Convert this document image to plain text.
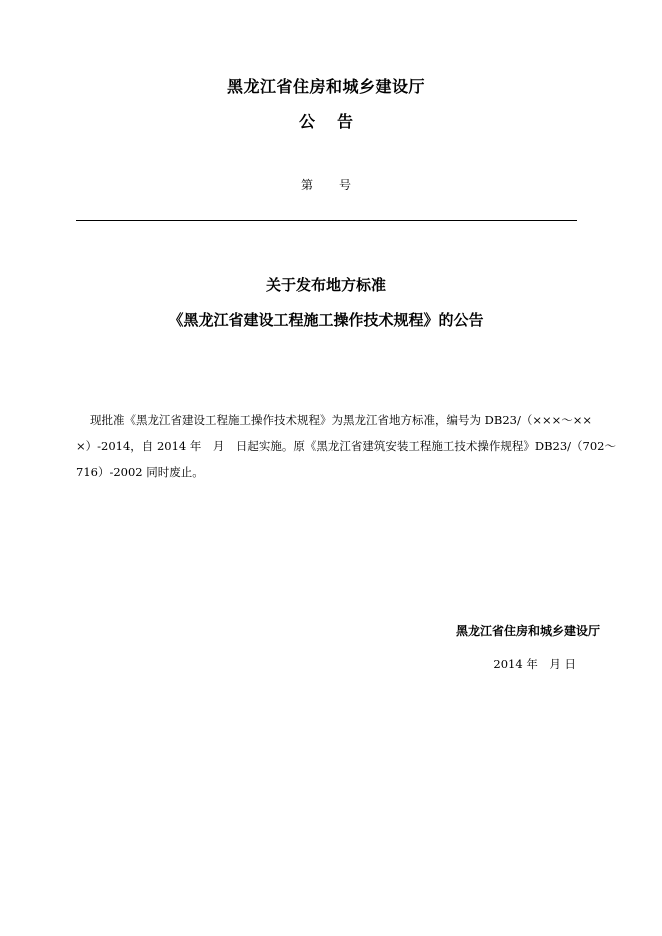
黑龙江省住房和城乡建设厅
公 告
第 号
关于发布地方标准
《黑龙江省建设工程施工操作技术规程》的公告
现批准《黑龙江省建设工程施工操作技术规程》为黑龙江省地方标准，编号为 DB23/（×××～××
×）-2014，自 2014 年　月　日起实施。原《黑龙江省建筑安装工程施工技术操作规程》DB23/（702～
716）-2002 同时废止。
黑龙江省住房和城乡建设厅
2014 年　月 日
